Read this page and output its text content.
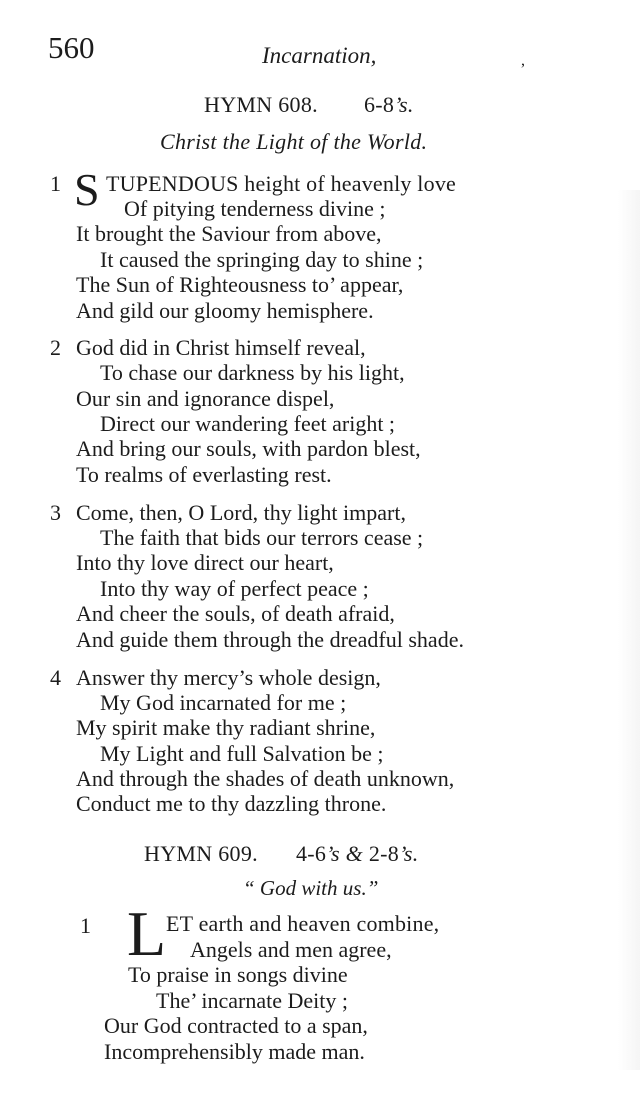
560	Incarnation,	,
HYMN 608. 6-8’s.
Christ the Light of the World.
1 S TUPENDOUS height of heavenly love
Of pitying tenderness divine ;
It brought the Saviour from above,
It caused the springing day to shine ;
The Sun of Righteousness to’ appear,
And gild our gloomy hemisphere.
2 God did in Christ himself reveal,
To chase our darkness by his light,
Our sin and ignorance dispel,
Direct our wandering feet aright ;
And bring our souls, with pardon blest,
To realms of everlasting rest.
3 Come, then, O Lord, thy light impart,
The faith that bids our terrors cease ;
Into thy love direct our heart,
Into thy way of perfect peace ;
And cheer the souls, of death afraid,
And guide them through the dreadful shade.
4 Answer thy mercy’s whole design,
My God incarnated for me ;
My spirit make thy radiant shrine,
My Light and full Salvation be ;
And through the shades of death unknown,
Conduct me to thy dazzling throne.
HYMN 609. 4-6’s & 2-8’s.
“ God with us.”
1 L ET earth and heaven combine,
Angels and men agree,
To praise in songs divine
The’ incarnate Deity ;
Our God contracted to a span,
Incomprehensibly made man.
